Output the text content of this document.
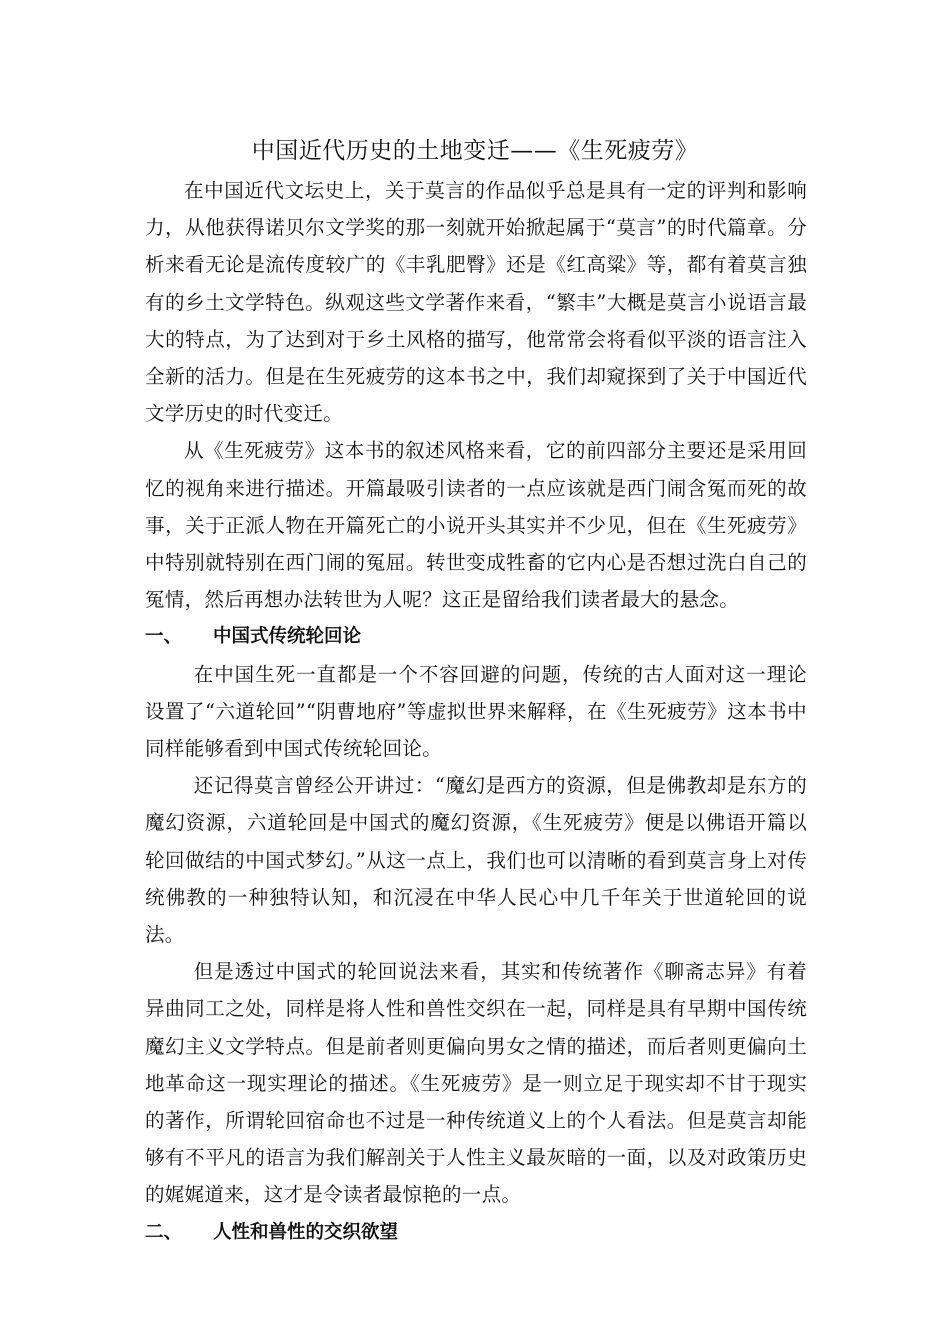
中国近代历史的土地变迁——《生死疲劳》

在中国近代文坛史上，关于莫言的作品似乎总是具有一定的评判和影响力，从他获得诺贝尔文学奖的那一刻就开始掀起属于“莫言”的时代篇章。分析来看无论是流传度较广的《丰乳肥臀》还是《红高粱》等，都有着莫言独有的乡土文学特色。纵观这些文学著作来看，“繁丰”大概是莫言小说语言最大的特点，为了达到对于乡土风格的描写，他常常会将看似平淡的语言注入全新的活力。但是在生死疲劳的这本书之中，我们却窥探到了关于中国近代文学历史的时代变迁。

从《生死疲劳》这本书的叙述风格来看，它的前四部分主要还是采用回忆的视角来进行描述。开篇最吸引读者的一点应该就是西门闹含冤而死的故事，关于正派人物在开篇死亡的小说开头其实并不少见，但在《生死疲劳》中特别就特别在西门闹的冤屈。转世变成牲畜的它内心是否想过洗白自己的冤情，然后再想办法转世为人呢？这正是留给我们读者最大的悬念。

一、	中国式传统轮回论

在中国生死一直都是一个不容回避的问题，传统的古人面对这一理论设置了“六道轮回”“阴曹地府”等虚拟世界来解释，在《生死疲劳》这本书中同样能够看到中国式传统轮回论。

还记得莫言曾经公开讲过：“魔幻是西方的资源，但是佛教却是东方的魔幻资源，六道轮回是中国式的魔幻资源，《生死疲劳》便是以佛语开篇以轮回做结的中国式梦幻。”从这一点上，我们也可以清晰的看到莫言身上对传统佛教的一种独特认知，和沉浸在中华人民心中几千年关于世道轮回的说法。

但是透过中国式的轮回说法来看，其实和传统著作《聊斋志异》有着异曲同工之处，同样是将人性和兽性交织在一起，同样是具有早期中国传统魔幻主义文学特点。但是前者则更偏向男女之情的描述，而后者则更偏向土地革命这一现实理论的描述。《生死疲劳》是一则立足于现实却不甘于现实的著作，所谓轮回宿命也不过是一种传统道义上的个人看法。但是莫言却能够有不平凡的语言为我们解剖关于人性主义最灰暗的一面，以及对政策历史的娓娓道来，这才是令读者最惊艳的一点。

二、	人性和兽性的交织欲望
